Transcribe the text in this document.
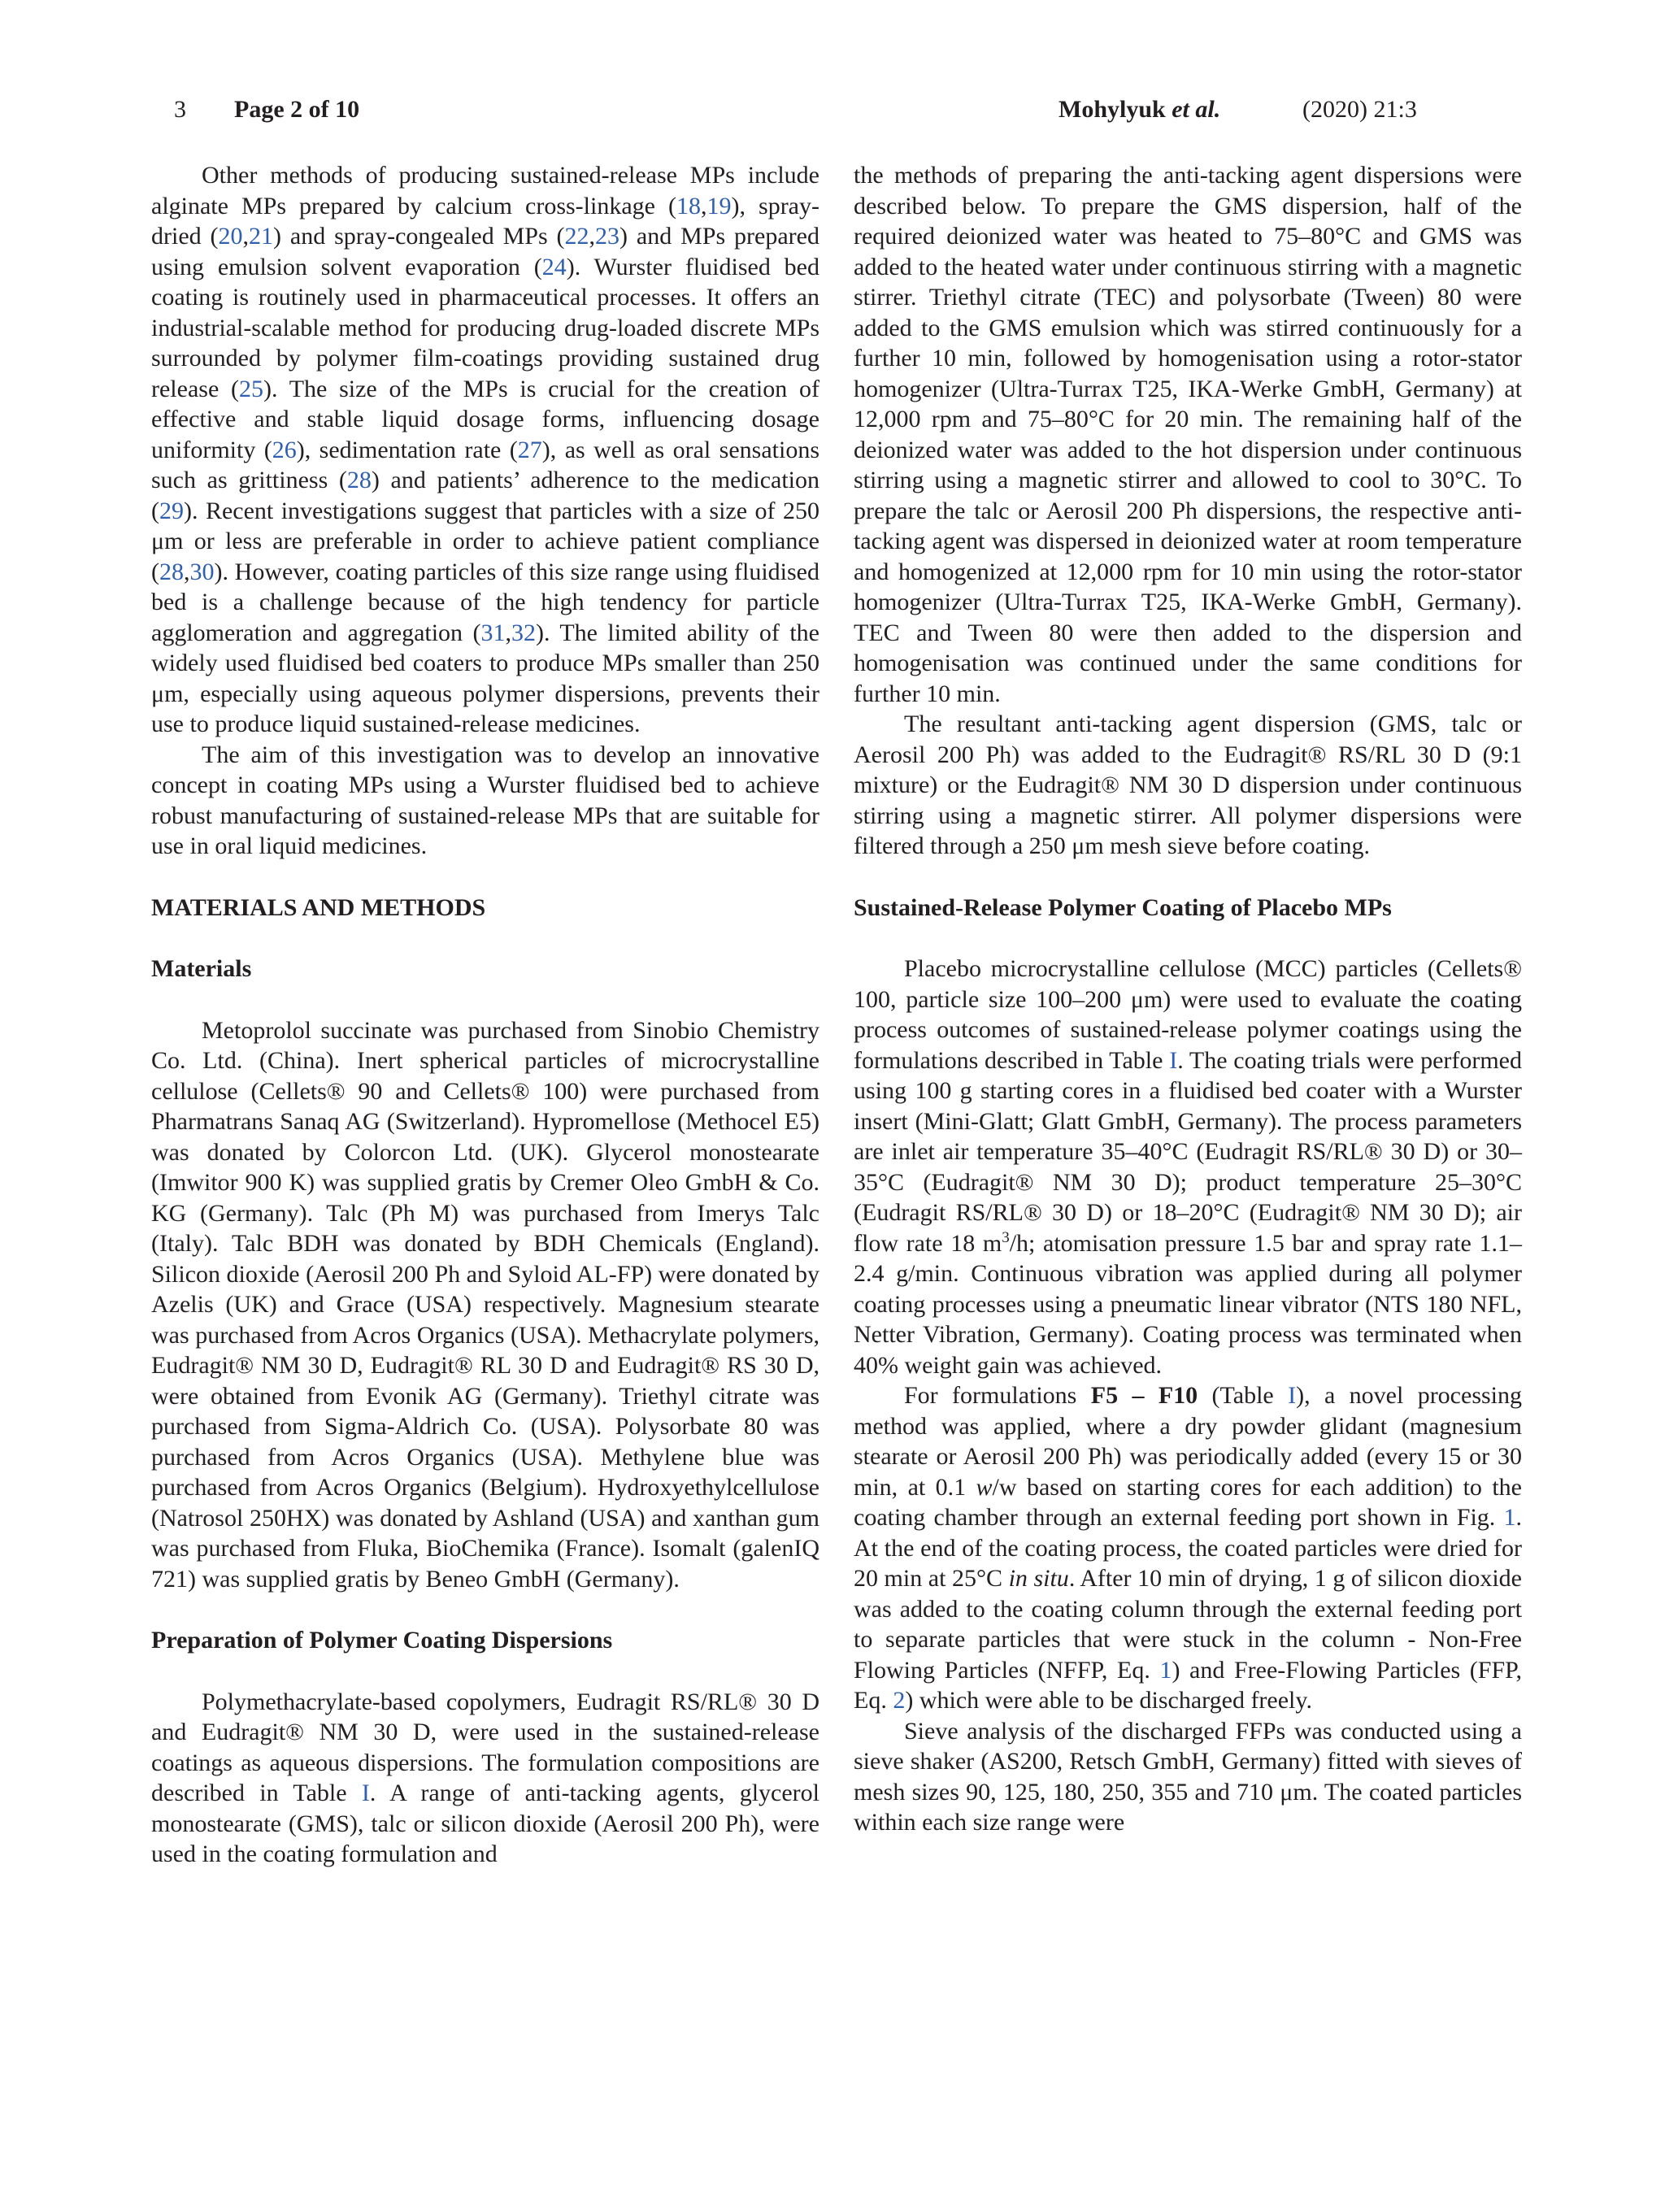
3 Page 2 of 10	Mohylyuk et al.	(2020) 21:3

Other methods of producing sustained-release MPs include alginate MPs prepared by calcium cross-linkage (18,19), spray-dried (20,21) and spray-congealed MPs (22,23) and MPs prepared using emulsion solvent evaporation (24). Wurster fluidised bed coating is routinely used in pharmaceutical processes. It offers an industrial-scalable method for producing drug-loaded discrete MPs surrounded by polymer film-coatings providing sustained drug release (25). The size of the MPs is crucial for the creation of effective and stable liquid dosage forms, influencing dosage uniformity (26), sedimentation rate (27), as well as oral sensations such as grittiness (28) and patients’ adherence to the medication (29). Recent investigations suggest that particles with a size of 250 μm or less are preferable in order to achieve patient compliance (28,30). However, coating particles of this size range using fluidised bed is a challenge because of the high tendency for particle agglomeration and aggregation (31,32). The limited ability of the widely used fluidised bed coaters to produce MPs smaller than 250 μm, especially using aqueous polymer dispersions, prevents their use to produce liquid sustained-release medicines.

The aim of this investigation was to develop an innovative concept in coating MPs using a Wurster fluidised bed to achieve robust manufacturing of sustained-release MPs that are suitable for use in oral liquid medicines.

MATERIALS AND METHODS
Materials

Metoprolol succinate was purchased from Sinobio Chemistry Co. Ltd. (China). Inert spherical particles of microcrystalline cellulose (Cellets® 90 and Cellets® 100) were purchased from Pharmatrans Sanaq AG (Switzerland). Hypromellose (Methocel E5) was donated by Colorcon Ltd. (UK). Glycerol monostearate (Imwitor 900 K) was supplied gratis by Cremer Oleo GmbH & Co. KG (Germany). Talc (Ph M) was purchased from Imerys Talc (Italy). Talc BDH was donated by BDH Chemicals (England). Silicon dioxide (Aerosil 200 Ph and Syloid AL-FP) were donated by Azelis (UK) and Grace (USA) respectively. Magnesium stearate was purchased from Acros Organics (USA). Methacrylate polymers, Eudragit® NM 30 D, Eudragit® RL 30 D and Eudragit® RS 30 D, were obtained from Evonik AG (Germany). Triethyl citrate was purchased from Sigma-Aldrich Co. (USA). Polysorbate 80 was purchased from Acros Organics (USA). Methylene blue was purchased from Acros Organics (Belgium). Hydroxyethylcellulose (Natrosol 250HX) was donated by Ashland (USA) and xanthan gum was purchased from Fluka, BioChemika (France). Isomalt (galenIQ 721) was supplied gratis by Beneo GmbH (Germany).

Preparation of Polymer Coating Dispersions

Polymethacrylate-based copolymers, Eudragit RS/RL® 30 D and Eudragit® NM 30 D, were used in the sustained-release coatings as aqueous dispersions. The formulation compositions are described in Table I. A range of anti-tacking agents, glycerol monostearate (GMS), talc or silicon dioxide (Aerosil 200 Ph), were used in the coating formulation and

the methods of preparing the anti-tacking agent dispersions were described below. To prepare the GMS dispersion, half of the required deionized water was heated to 75–80°C and GMS was added to the heated water under continuous stirring with a magnetic stirrer. Triethyl citrate (TEC) and polysorbate (Tween) 80 were added to the GMS emulsion which was stirred continuously for a further 10 min, followed by homogenisation using a rotor-stator homogenizer (Ultra-Turrax T25, IKA-Werke GmbH, Germany) at 12,000 rpm and 75–80°C for 20 min. The remaining half of the deionized water was added to the hot dispersion under continuous stirring using a magnetic stirrer and allowed to cool to 30°C. To prepare the talc or Aerosil 200 Ph dispersions, the respective anti-tacking agent was dispersed in deionized water at room temperature and homogenized at 12,000 rpm for 10 min using the rotor-stator homogenizer (Ultra-Turrax T25, IKA-Werke GmbH, Germany). TEC and Tween 80 were then added to the dispersion and homogenisation was continued under the same conditions for further 10 min.

The resultant anti-tacking agent dispersion (GMS, talc or Aerosil 200 Ph) was added to the Eudragit® RS/RL 30 D (9:1 mixture) or the Eudragit® NM 30 D dispersion under continuous stirring using a magnetic stirrer. All polymer dispersions were filtered through a 250 μm mesh sieve before coating.

Sustained-Release Polymer Coating of Placebo MPs

Placebo microcrystalline cellulose (MCC) particles (Cellets® 100, particle size 100–200 μm) were used to evaluate the coating process outcomes of sustained-release polymer coatings using the formulations described in Table I. The coating trials were performed using 100 g starting cores in a fluidised bed coater with a Wurster insert (Mini-Glatt; Glatt GmbH, Germany). The process parameters are inlet air temperature 35–40°C (Eudragit RS/RL® 30 D) or 30–35°C (Eudragit® NM 30 D); product temperature 25–30°C (Eudragit RS/RL® 30 D) or 18–20°C (Eudragit® NM 30 D); air flow rate 18 $m^3/h$; atomisation pressure 1.5 bar and spray rate 1.1–2.4 g/min. Continuous vibration was applied during all polymer coating processes using a pneumatic linear vibrator (NTS 180 NFL, Netter Vibration, Germany). Coating process was terminated when 40% weight gain was achieved.

For formulations F5 – F10 (Table I), a novel processing method was applied, where a dry powder glidant (magnesium stearate or Aerosil 200 Ph) was periodically added (every 15 or 30 min, at 0.1 w/w based on starting cores for each addition) to the coating chamber through an external feeding port shown in Fig. 1. At the end of the coating process, the coated particles were dried for 20 min at 25°C in situ. After 10 min of drying, 1 g of silicon dioxide was added to the coating column through the external feeding port to separate particles that were stuck in the column - Non-Free Flowing Particles (NFFP, Eq. 1) and Free-Flowing Particles (FFP, Eq. 2) which were able to be discharged freely.

Sieve analysis of the discharged FFPs was conducted using a sieve shaker (AS200, Retsch GmbH, Germany) fitted with sieves of mesh sizes 90, 125, 180, 250, 355 and 710 μm. The coated particles within each size range were
